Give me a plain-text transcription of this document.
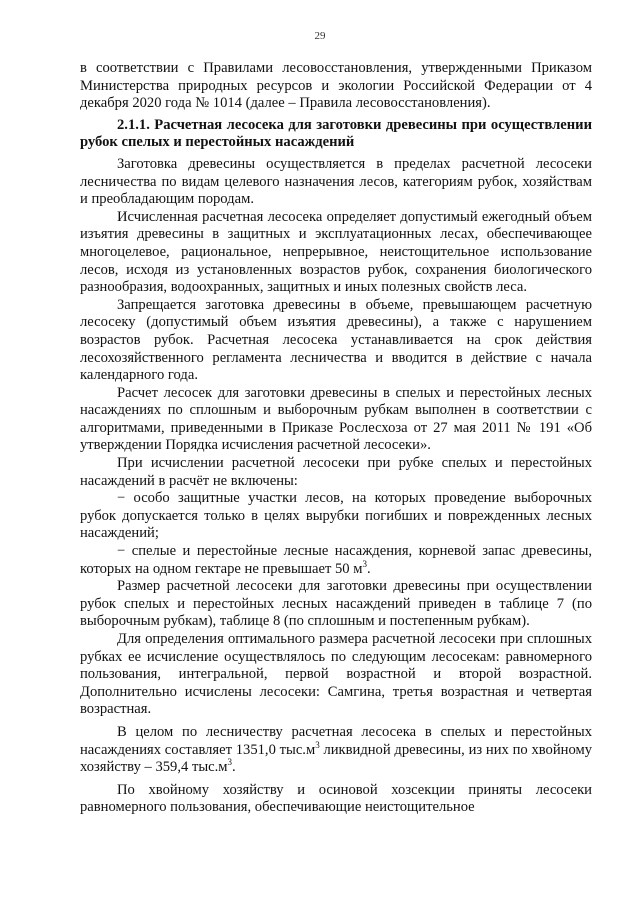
29

в соответствии с Правилами лесовосстановления, утвержденными Приказом Министерства природных ресурсов и экологии Российской Федерации от 4 декабря 2020 года № 1014 (далее – Правила лесовосстановления).

2.1.1. Расчетная лесосека для заготовки древесины при осуществлении рубок спелых и перестойных насаждений

Заготовка древесины осуществляется в пределах расчетной лесосеки лесничества по видам целевого назначения лесов, категориям рубок, хозяйствам и преобладающим породам.

Исчисленная расчетная лесосека определяет допустимый ежегодный объем изъятия древесины в защитных и эксплуатационных лесах, обеспечивающее многоцелевое, рациональное, непрерывное, неистощительное использование лесов, исходя из установленных возрастов рубок, сохранения биологического разнообразия, водоохранных, защитных и иных полезных свойств леса.

Запрещается заготовка древесины в объеме, превышающем расчетную лесосеку (допустимый объем изъятия древесины), а также с нарушением возрастов рубок. Расчетная лесосека устанавливается на срок действия лесохозяйственного регламента лесничества и вводится в действие с начала календарного года.

Расчет лесосек для заготовки древесины в спелых и перестойных лесных насаждениях по сплошным и выборочным рубкам выполнен в соответствии с алгоритмами, приведенными в Приказе Рослесхоза от 27 мая 2011 № 191 «Об утверждении Порядка исчисления расчетной лесосеки».

При исчислении расчетной лесосеки при рубке спелых и перестойных насаждений в расчёт не включены:

− особо защитные участки лесов, на которых проведение выборочных рубок допускается только в целях вырубки погибших и поврежденных лесных насаждений;

− спелые и перестойные лесные насаждения, корневой запас древесины, которых на одном гектаре не превышает 50 $м^3$.

Размер расчетной лесосеки для заготовки древесины при осуществлении рубок спелых и перестойных лесных насаждений приведен в таблице 7 (по выборочным рубкам), таблице 8 (по сплошным и постепенным рубкам).

Для определения оптимального размера расчетной лесосеки при сплошных рубках ее исчисление осуществлялось по следующим лесосекам: равномерного пользования, интегральной, первой возрастной и второй возрастной. Дополнительно исчислены лесосеки: Самгина, третья возрастная и четвертая возрастная.

В целом по лесничеству расчетная лесосека в спелых и перестойных насаждениях составляет 1351,0 $тыс.м^3$ ликвидной древесины, из них по хвойному хозяйству – 359,4 $тыс.м^3$.

По хвойному хозяйству и осиновой хозсекции приняты лесосеки равномерного пользования, обеспечивающие неистощительное
